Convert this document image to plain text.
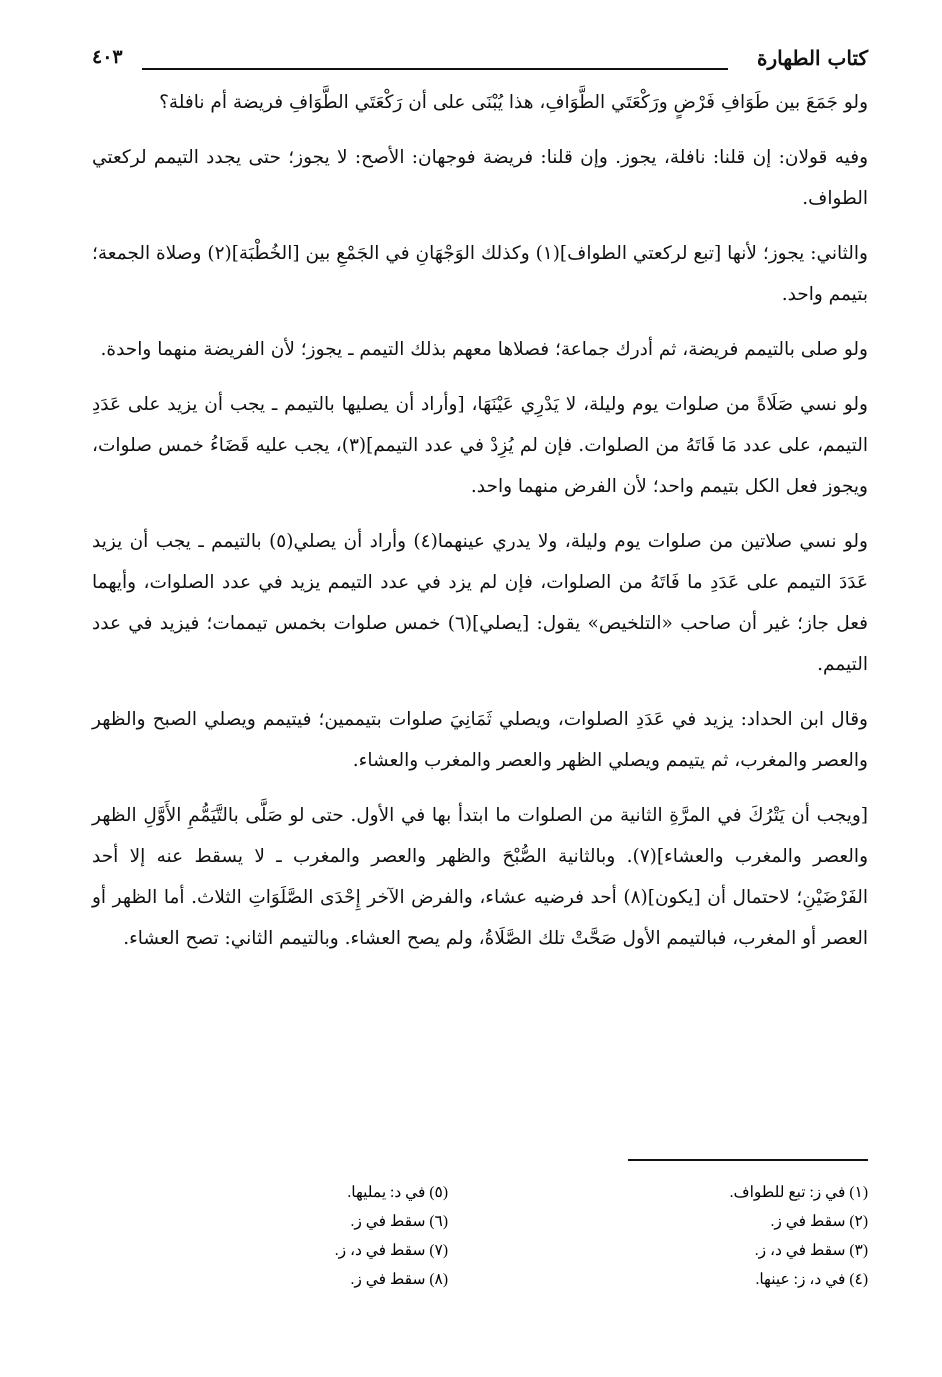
كتاب الطهارة
٤٠٣

ولو جَمَعَ بين طَوَافِ فَرْضٍ ورَكْعَتَي الطَّوَافِ، هذا يُبْنَى على أن رَكْعَتَي الطَّوَافِ فريضة أم نافلة؟

وفيه قولان: إن قلنا: نافلة، يجوز. وإن قلنا: فريضة فوجهان: الأصح: لا يجوز؛ حتى يجدد التيمم لركعتي الطواف.

والثاني: يجوز؛ لأنها [تبع لركعتي الطواف](١) وكذلك الوَجْهَانِ في الجَمْعِ بين [الخُطْبَة](٢) وصلاة الجمعة؛ بتيمم واحد.

ولو صلى بالتيمم فريضة، ثم أدرك جماعة؛ فصلاها معهم بذلك التيمم ـ يجوز؛ لأن الفريضة منهما واحدة.

ولو نسي صَلَاةً من صلوات يوم وليلة، لا يَدْرِي عَيْنَهَا، [وأراد أن يصليها بالتيمم ـ يجب أن يزيد على عَدَدِ التيمم، على عدد مَا فَاتَهُ من الصلوات. فإن لم يُزِدْ في عدد التيمم](٣)، يجب عليه قَضَاءُ خمس صلوات، ويجوز فعل الكل بتيمم واحد؛ لأن الفرض منهما واحد.

ولو نسي صلاتين من صلوات يوم وليلة، ولا يدري عينهما(٤) وأراد أن يصلي(٥) بالتيمم ـ يجب أن يزيد عَدَدَ التيمم على عَدَدِ ما فَاتَهُ من الصلوات، فإن لم يزد في عدد التيمم يزيد في عدد الصلوات، وأيهما فعل جاز؛ غير أن صاحب «التلخيص» يقول: [يصلي](٦) خمس صلوات بخمس تيممات؛ فيزيد في عدد التيمم.

وقال ابن الحداد: يزيد في عَدَدِ الصلوات، ويصلي ثَمَانِيَ صلوات بتيممين؛ فيتيمم ويصلي الصبح والظهر والعصر والمغرب، ثم يتيمم ويصلي الظهر والعصر والمغرب والعشاء.

[ويجب أن يَتْرُكَ في المرَّةِ الثانية من الصلوات ما ابتدأ بها في الأول. حتى لو صَلَّى بالتَّيَمُّمِ الأَوَّلِ الظهر والعصر والمغرب والعشاء](٧). وبالثانية الصُّبْحَ والظهر والعصر والمغرب ـ لا يسقط عنه إلا أحد الفَرْضَيْنِ؛ لاحتمال أن [يكون](٨) أحد فرضيه عشاء، والفرض الآخر إِحْدَى الصَّلَوَاتِ الثلاث. أما الظهر أو العصر أو المغرب، فبالتيمم الأول صَحَّتْ تلك الصَّلَاةُ، ولم يصح العشاء. وبالتيمم الثاني: تصح العشاء.

(١) في ز: تبع للطواف.
(٢) سقط في ز.
(٣) سقط في د، ز.
(٤) في د، ز: عينها.
(٥) في د: يمليها.
(٦) سقط في ز.
(٧) سقط في د، ز.
(٨) سقط في ز.
